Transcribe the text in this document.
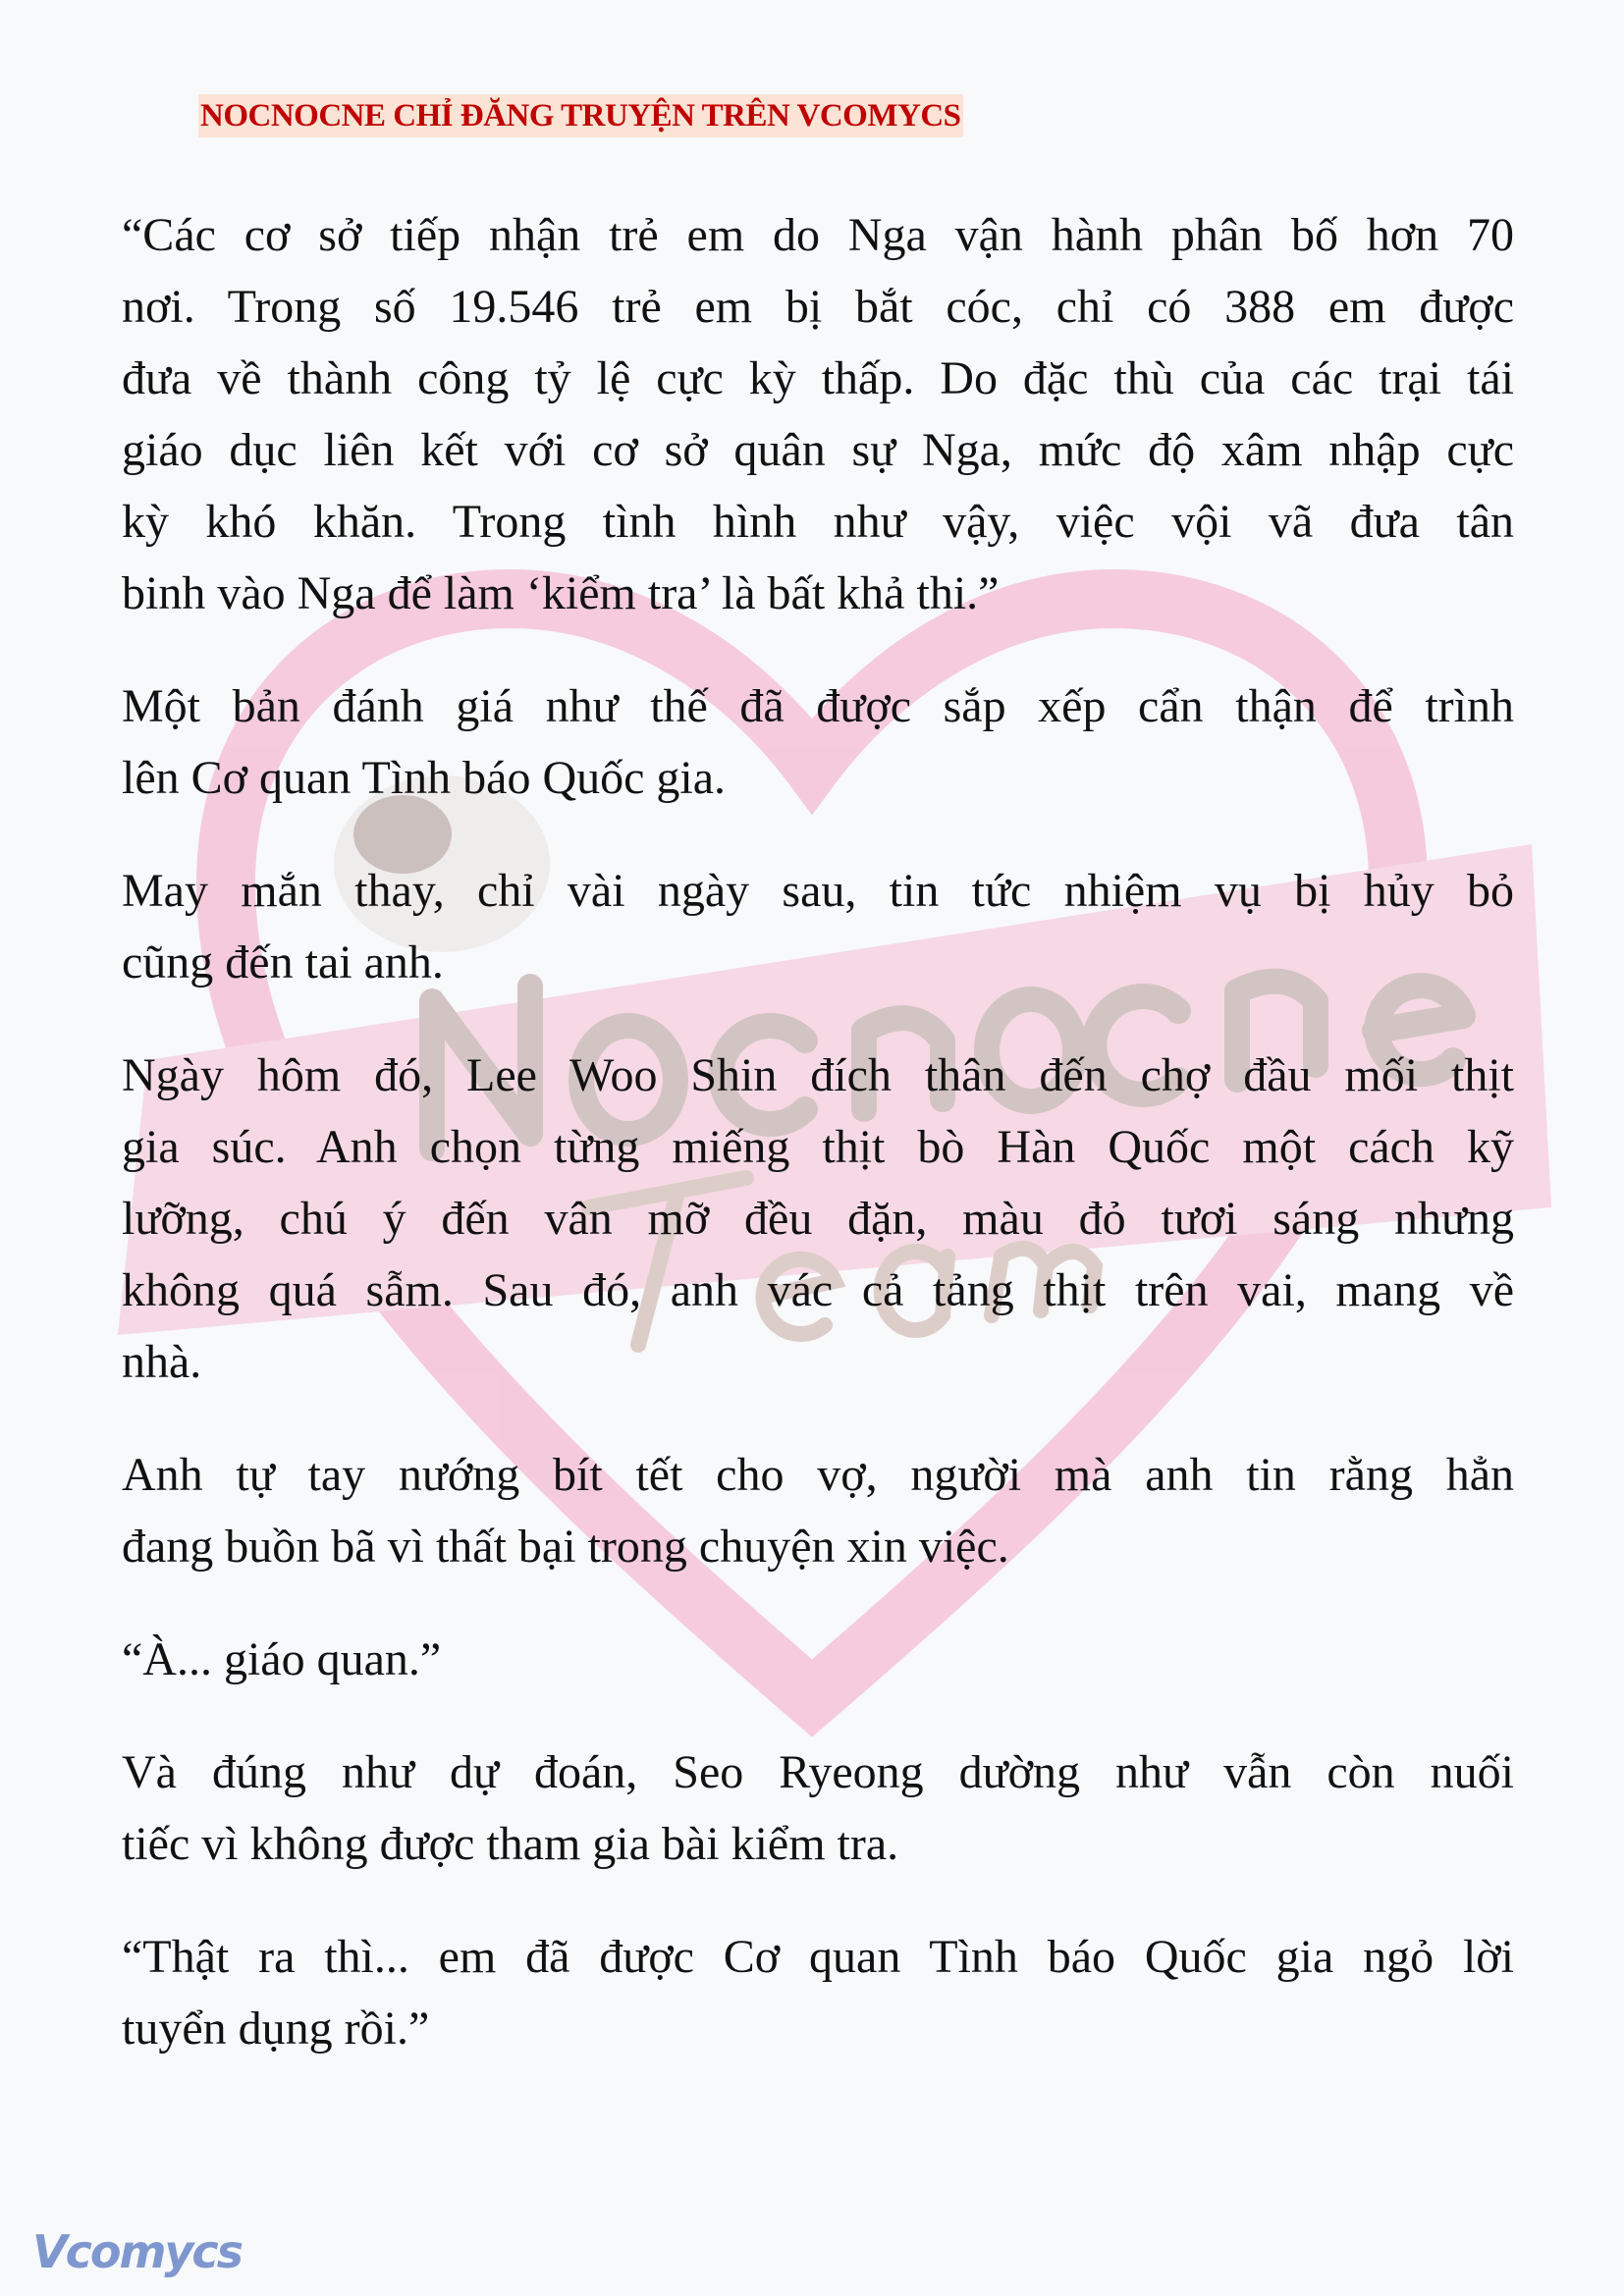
NOCNOCNE CHỈ ĐĂNG TRUYỆN TRÊN VCOMYCS
“Các cơ sở tiếp nhận trẻ em do Nga vận hành phân bố hơn 70
nơi. Trong số 19.546 trẻ em bị bắt cóc, chỉ có 388 em được
đưa về thành công tỷ lệ cực kỳ thấp. Do đặc thù của các trại tái
giáo dục liên kết với cơ sở quân sự Nga, mức độ xâm nhập cực
kỳ khó khăn. Trong tình hình như vậy, việc vội vã đưa tân
binh vào Nga để làm ‘kiểm tra’ là bất khả thi.”
Một bản đánh giá như thế đã được sắp xếp cẩn thận để trình
lên Cơ quan Tình báo Quốc gia.
May mắn thay, chỉ vài ngày sau, tin tức nhiệm vụ bị hủy bỏ
cũng đến tai anh.
Ngày hôm đó, Lee Woo Shin đích thân đến chợ đầu mối thịt
gia súc. Anh chọn từng miếng thịt bò Hàn Quốc một cách kỹ
lưỡng, chú ý đến vân mỡ đều đặn, màu đỏ tươi sáng nhưng
không quá sẫm. Sau đó, anh vác cả tảng thịt trên vai, mang về
nhà.
Anh tự tay nướng bít tết cho vợ, người mà anh tin rằng hẳn
đang buồn bã vì thất bại trong chuyện xin việc.
“À... giáo quan.”
Và đúng như dự đoán, Seo Ryeong dường như vẫn còn nuối
tiếc vì không được tham gia bài kiểm tra.
“Thật ra thì... em đã được Cơ quan Tình báo Quốc gia ngỏ lời
tuyển dụng rồi.”
Vcomycs
